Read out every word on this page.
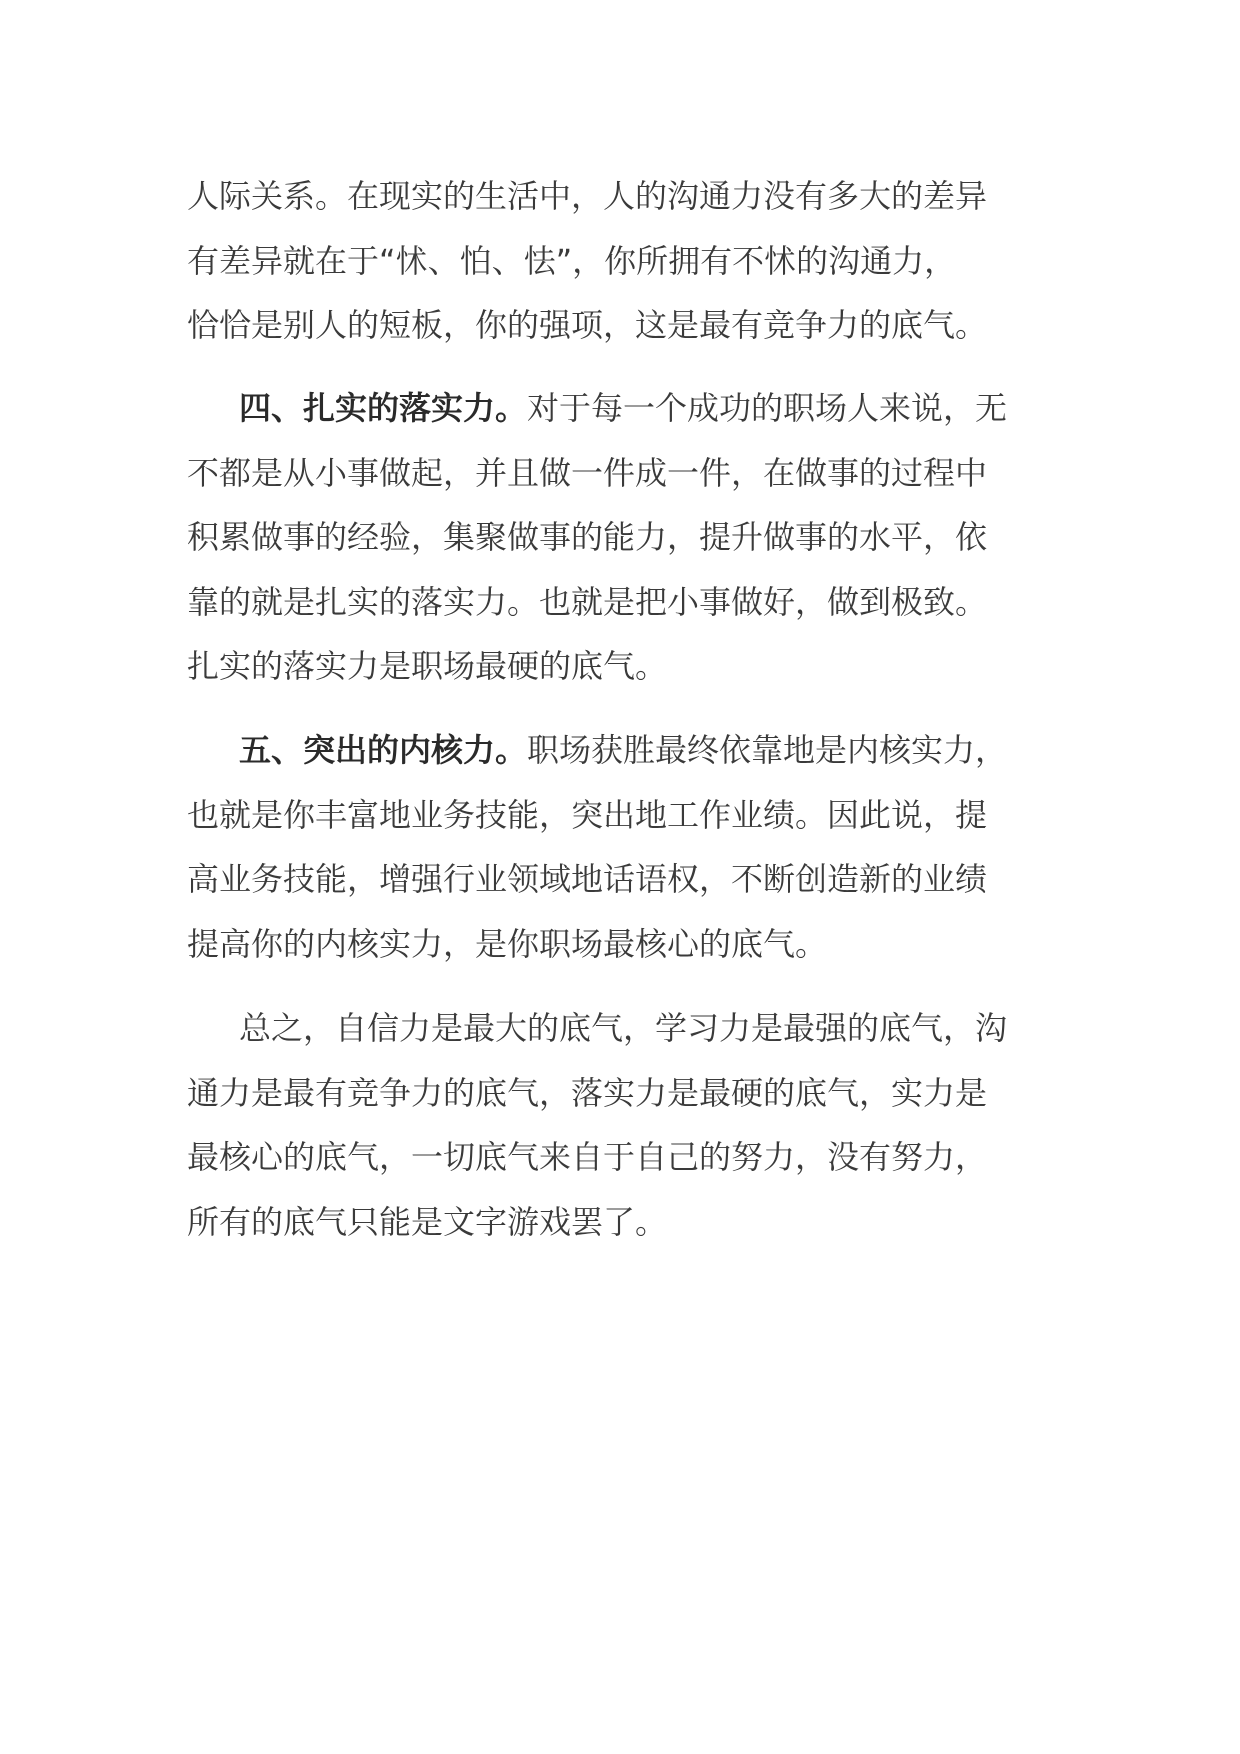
人际关系。在现实的生活中，人的沟通力没有多大的差异
有差异就在于“怵、怕、怯”，你所拥有不怵的沟通力，
恰恰是别人的短板，你的强项，这是最有竞争力的底气。
四、扎实的落实力。对于每一个成功的职场人来说，无
不都是从小事做起，并且做一件成一件，在做事的过程中
积累做事的经验，集聚做事的能力，提升做事的水平，依
靠的就是扎实的落实力。也就是把小事做好，做到极致。
扎实的落实力是职场最硬的底气。
五、突出的内核力。职场获胜最终依靠地是内核实力，
也就是你丰富地业务技能，突出地工作业绩。因此说，提
高业务技能，增强行业领域地话语权，不断创造新的业绩
提高你的内核实力，是你职场最核心的底气。
总之，自信力是最大的底气，学习力是最强的底气，沟
通力是最有竞争力的底气，落实力是最硬的底气，实力是
最核心的底气，一切底气来自于自己的努力，没有努力，
所有的底气只能是文字游戏罢了。
